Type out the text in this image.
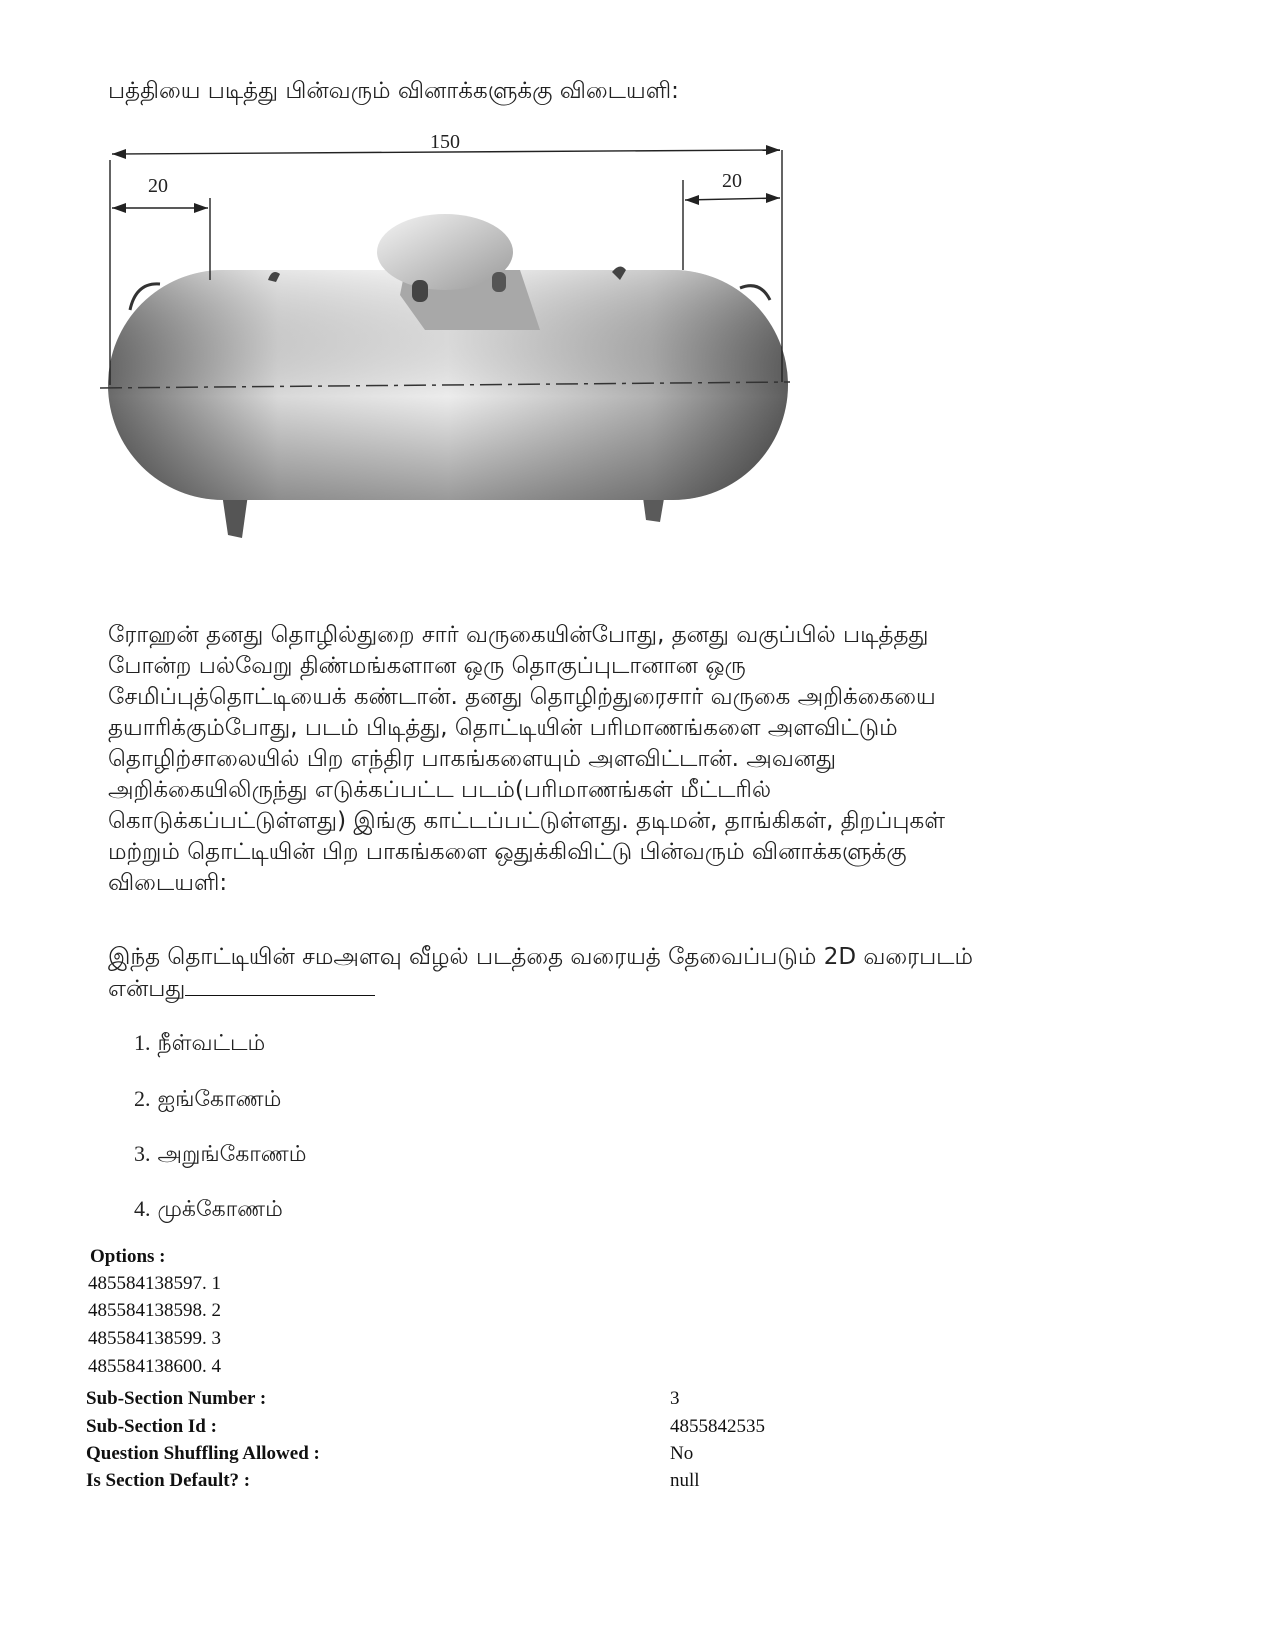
பத்தியை படித்து பின்வரும் வினாக்களுக்கு விடையளி:
150
20	20
ரோஹன் தனது தொழில்துறை சார் வருகையின்போது, தனது வகுப்பில் படித்தது
போன்ற பல்வேறு திண்மங்களான ஒரு தொகுப்புடானான ஒரு
சேமிப்புத்தொட்டியைக் கண்டான். தனது தொழிற்துரைசார் வருகை அறிக்கையை
தயாரிக்கும்போது, படம் பிடித்து, தொட்டியின் பரிமாணங்களை அளவிட்டும்
தொழிற்சாலையில் பிற எந்திர பாகங்களையும் அளவிட்டான். அவனது
அறிக்கையிலிருந்து எடுக்கப்பட்ட படம்(பரிமாணங்கள் மீட்டரில்
கொடுக்கப்பட்டுள்ளது) இங்கு காட்டப்பட்டுள்ளது. தடிமன், தாங்கிகள், திறப்புகள்
மற்றும் தொட்டியின் பிற பாகங்களை ஒதுக்கிவிட்டு பின்வரும் வினாக்களுக்கு
விடையளி:
இந்த தொட்டியின் சமஅளவு வீழல் படத்தை வரையத் தேவைப்படும் 2D வரைபடம்
என்பது
1. நீள்வட்டம்
2. ஐங்கோணம்
3. அறுங்கோணம்
4. முக்கோணம்
Options :
485584138597. 1
485584138598. 2
485584138599. 3
485584138600. 4
Sub-Section Number :	3
Sub-Section Id :	4855842535
Question Shuffling Allowed :	No
Is Section Default? :	null
